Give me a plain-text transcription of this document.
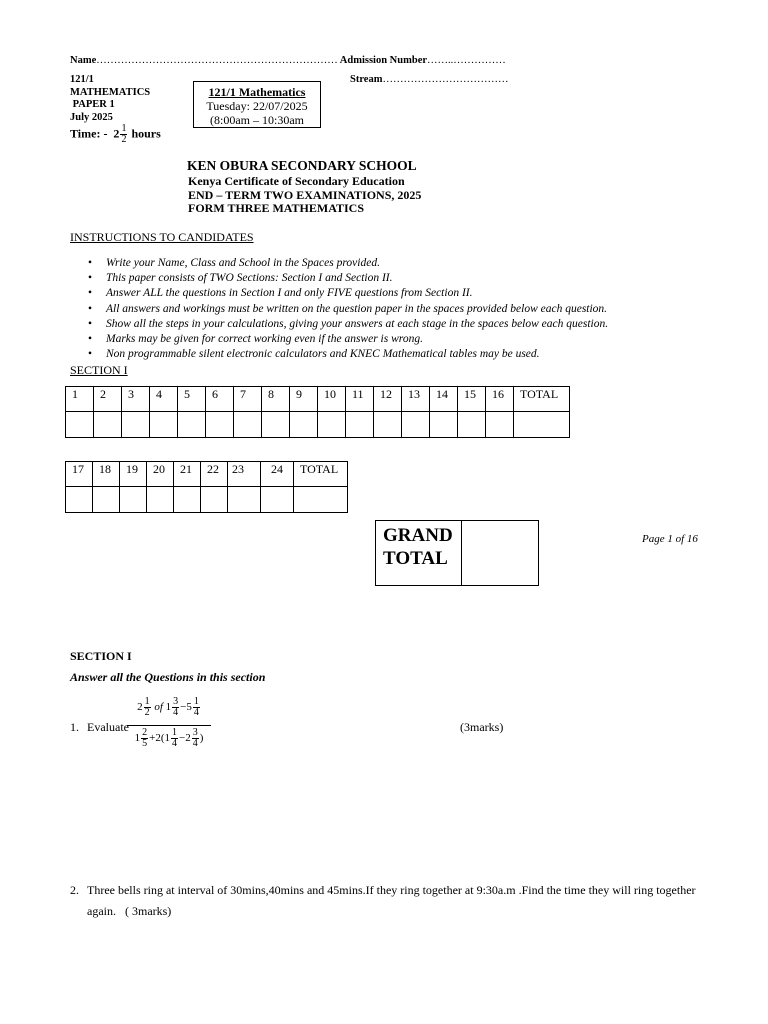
Name…………………………………………………………… Admission Number……..……………
121/1
MATHEMATICS
PAPER 1
July 2025
Stream………………………………
Time: -  $2 \frac{1}{2}$ hours
121/1 Mathematics
Tuesday: 22/07/2025
(8:00am – 10:30am
KEN OBURA SECONDARY SCHOOL
Kenya Certificate of Secondary Education
END – TERM TWO EXAMINATIONS, 2025
FORM THREE MATHEMATICS
INSTRUCTIONS TO CANDIDATES
• Write your Name, Class and School in the Spaces provided.
• This paper consists of TWO Sections: Section I and Section II.
• Answer ALL the questions in Section I and only FIVE questions from Section II.
• All answers and workings must be written on the question paper in the spaces provided below each question.
• Show all the steps in your calculations, giving your answers at each stage in the spaces below each question.
• Marks may be given for correct working even if the answer is wrong.
• Non programmable silent electronic calculators and KNEC Mathematical tables may be used.
SECTION I
1	2	3	4	5	6	7	8	9	10	11	12	13	14	15	16	TOTAL

17	18	19	20	21	22	23	24	TOTAL

GRAND
TOTAL
Page 1 of 16
SECTION I
Answer all the Questions in this section
1. Evaluate
$2 \frac{1}{2}$ of $1 \frac{3}{4} -5 \frac{1}{4}$
$1 \frac{2}{5} +2(1 \frac{1}{4} -2 \frac{3}{4}$ )
(3marks)
2. Three bells ring at interval of 30mins,40mins and 45mins.If they ring together at 9:30a.m .Find the time they will ring together
again.   ( 3marks)
